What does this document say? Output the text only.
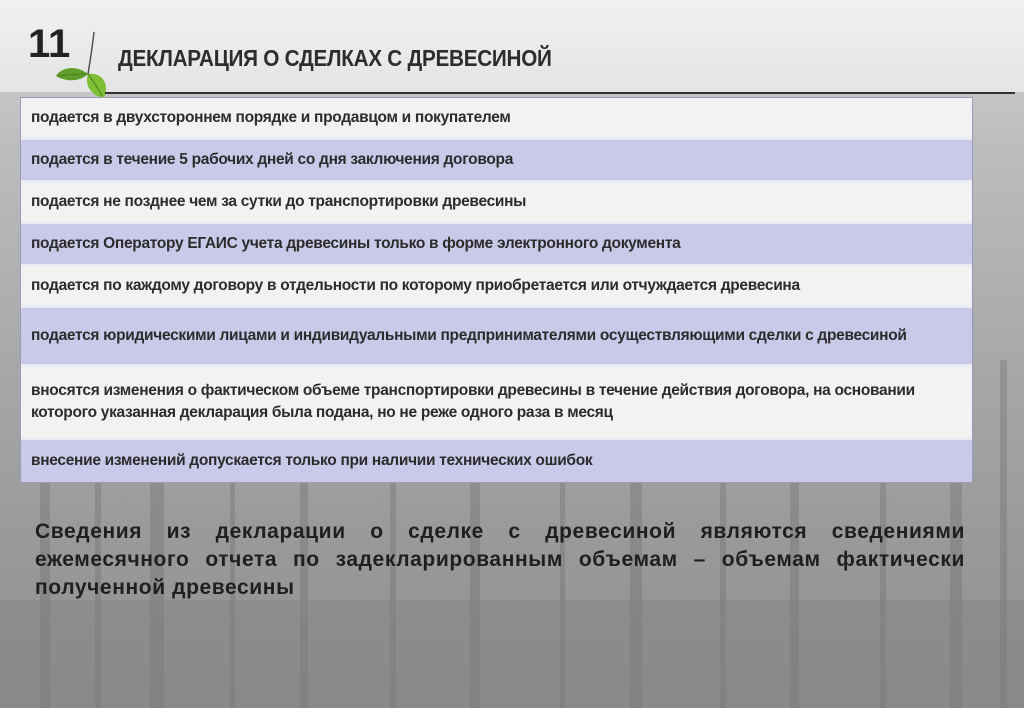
11 ДЕКЛАРАЦИЯ О СДЕЛКАХ С ДРЕВЕСИНОЙ
подается в двухстороннем порядке и продавцом и покупателем
подается в течение 5 рабочих дней со дня заключения договора
подается не позднее чем за сутки до транспортировки древесины
подается Оператору ЕГАИС учета древесины только в форме электронного документа
подается по каждому договору в отдельности по которому приобретается или отчуждается древесина
подается юридическими лицами и индивидуальными предпринимателями осуществляющими сделки с древесиной
вносятся изменения о фактическом объеме транспортировки древесины в течение действия договора, на основании которого указанная декларация была подана, но не реже одного раза в месяц
внесение изменений допускается только при наличии технических ошибок
Сведения из декларации о сделке с древесиной являются сведениями ежемесячного отчета по задекларированным объемам – объемам фактически полученной древесины
